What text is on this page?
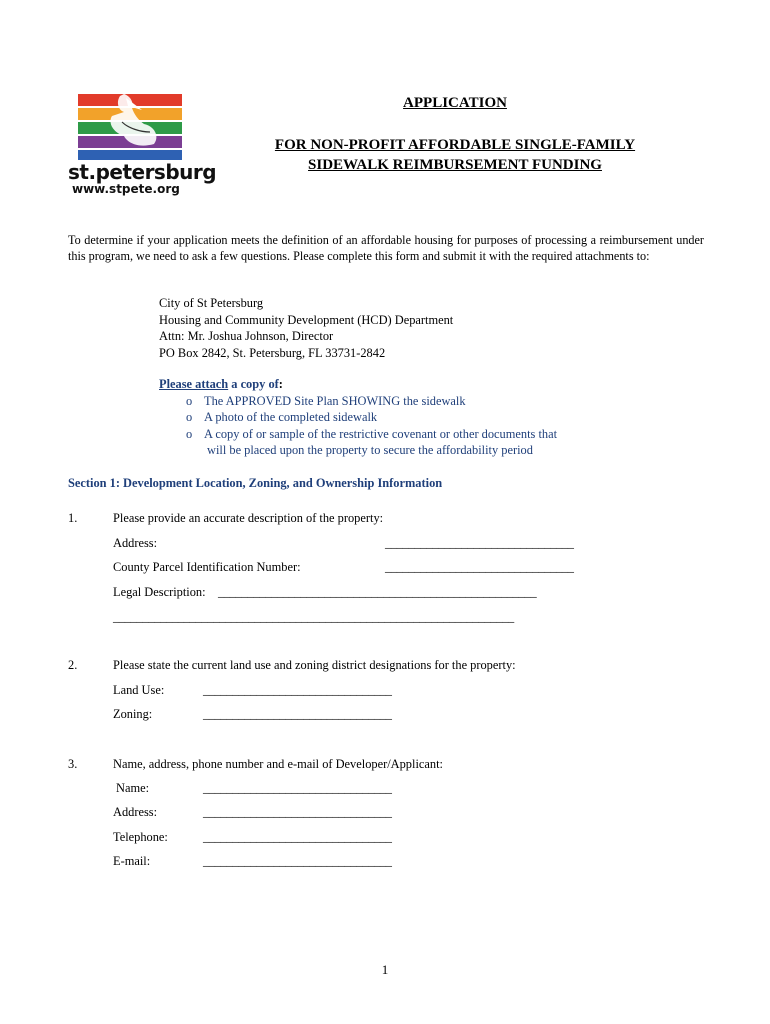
st.petersburg
www.stpete.org
APPLICATION
FOR NON-PROFIT AFFORDABLE SINGLE-FAMILY
SIDEWALK REIMBURSEMENT FUNDING
To determine if your application meets the definition of an affordable housing for purposes of processing a reimbursement under this program, we need to ask a few questions. Please complete this form and submit it with the required attachments to:
City of St Petersburg
Housing and Community Development (HCD) Department
Attn: Mr. Joshua Johnson, Director
PO Box 2842, St. Petersburg, FL 33731-2842
Please attach a copy of:
o The APPROVED Site Plan SHOWING the sidewalk
o A photo of the completed sidewalk
o A copy of or sample of the restrictive covenant or other documents that
will be placed upon the property to secure the affordability period
Section 1: Development Location, Zoning, and Ownership Information
1.	Please provide an accurate description of the property:
Address:	________________________________
County Parcel Identification Number:	________________________________
Legal Description: ______________________________________________________
____________________________________________________________________
2.	Please state the current land use and zoning district designations for the property:
Land Use:	________________________________
Zoning:	________________________________
3.	Name, address, phone number and e-mail of Developer/Applicant:
Name:	________________________________
Address:	________________________________
Telephone:	________________________________
E-mail:	________________________________
1
